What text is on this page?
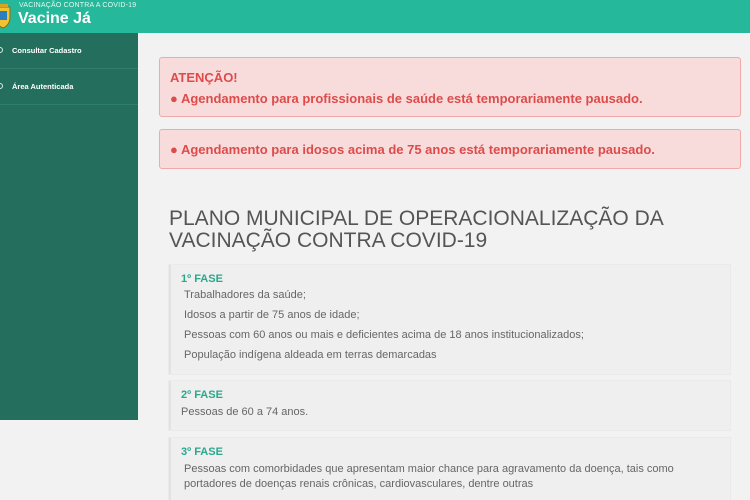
VACINAÇÃO CONTRA A COVID-19
Vacine Já
Consultar Cadastro
Área Autenticada
ATENÇÃO!
● Agendamento para profissionais de saúde está temporariamente pausado.
● Agendamento para idosos acima de 75 anos está temporariamente pausado.
PLANO MUNICIPAL DE OPERACIONALIZAÇÃO DA VACINAÇÃO CONTRA COVID-19
1º FASE
Trabalhadores da saúde;
Idosos a partir de 75 anos de idade;
Pessoas com 60 anos ou mais e deficientes acima de 18 anos institucionalizados;
População indígena aldeada em terras demarcadas
2º FASE
Pessoas de 60 a 74 anos.
3º FASE
Pessoas com comorbidades que apresentam maior chance para agravamento da doença, tais como portadores de doenças renais crônicas, cardiovasculares, dentre outras
